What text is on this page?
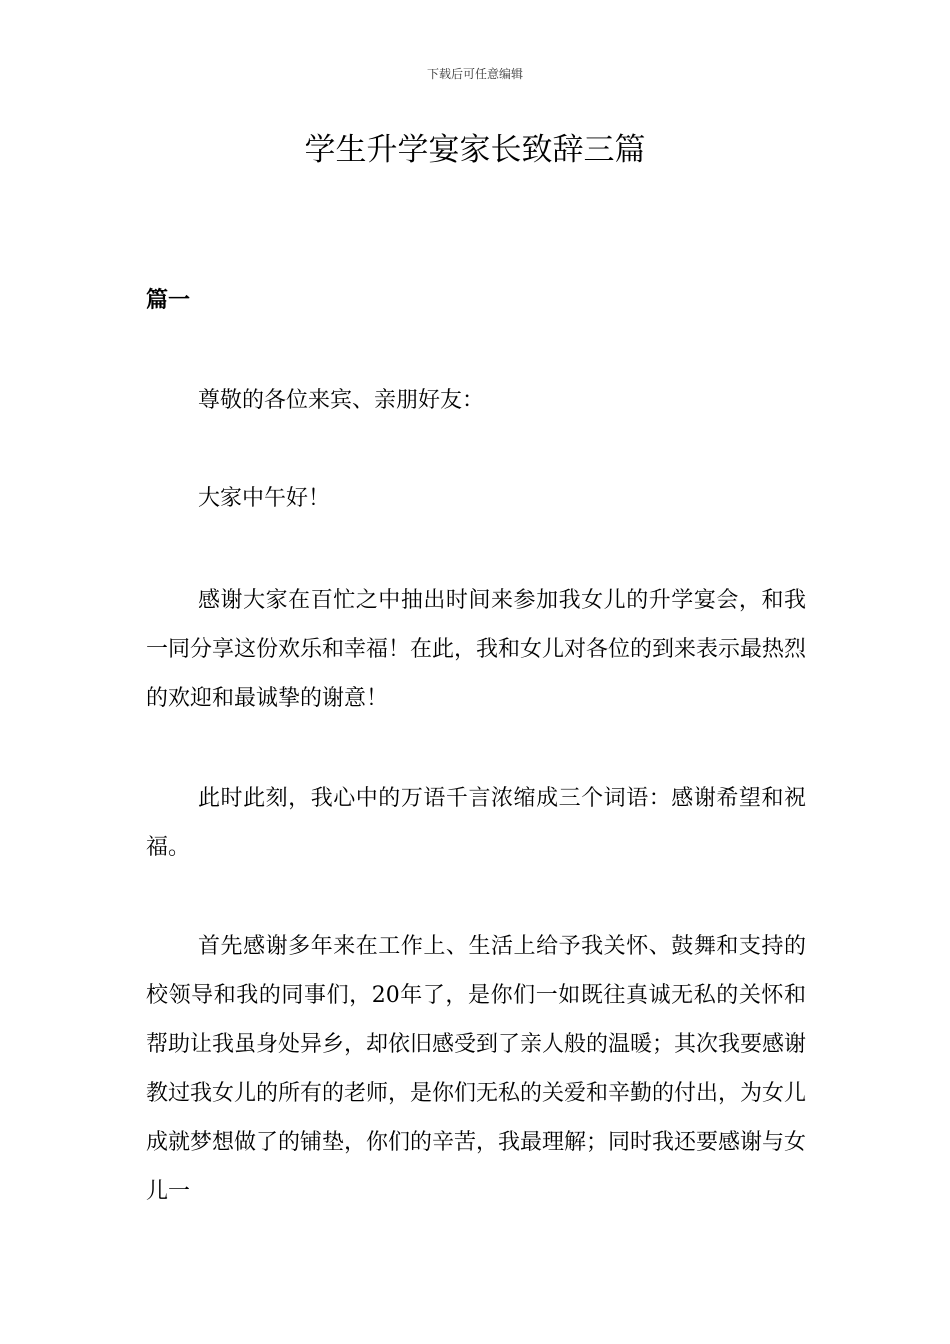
下载后可任意编辑
学生升学宴家长致辞三篇
篇一

尊敬的各位来宾、亲朋好友：

大家中午好！

感谢大家在百忙之中抽出时间来参加我女儿的升学宴会，和我一同分享这份欢乐和幸福！在此，我和女儿对各位的到来表示最热烈的欢迎和最诚挚的谢意！

此时此刻，我心中的万语千言浓缩成三个词语：感谢希望和祝福。

首先感谢多年来在工作上、生活上给予我关怀、鼓舞和支持的校领导和我的同事们，20年了，是你们一如既往真诚无私的关怀和帮助让我虽身处异乡，却依旧感受到了亲人般的温暖；其次我要感谢教过我女儿的所有的老师，是你们无私的关爱和辛勤的付出，为女儿成就梦想做了的铺垫，你们的辛苦，我最理解；同时我还要感谢与女儿一
